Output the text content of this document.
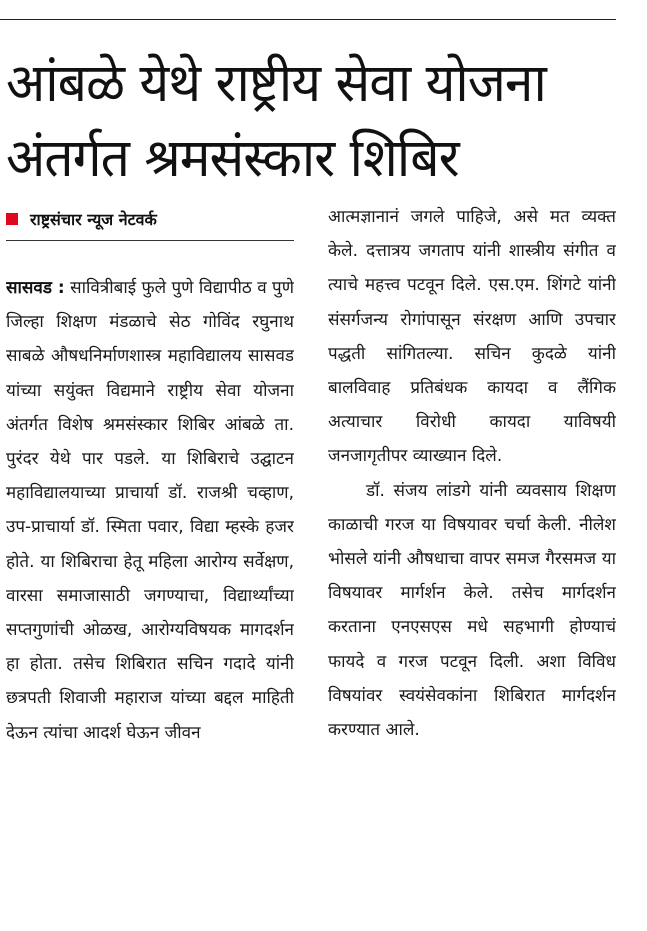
आंबळे येथे राष्ट्रीय सेवा योजना
अंतर्गत श्रमसंस्कार शिबिर
राष्ट्रसंचार न्यूज नेटवर्क

सासवड : सावित्रीबाई फुले पुणे विद्यापीठ व पुणे जिल्हा शिक्षण मंडळाचे सेठ गोविंद रघुनाथ साबळे औषधनिर्माणशास्त्र महाविद्यालय सासवड यांच्या सयुंक्त विद्यमाने राष्ट्रीय सेवा योजना अंतर्गत विशेष श्रमसंस्कार शिबिर आंबळे ता. पुरंदर येथे पार पडले. या शिबिराचे उद्घाटन महाविद्यालयाच्या प्राचार्या डॉ. राजश्री चव्हाण, उप-प्राचार्या डॉ. स्मिता पवार, विद्या म्हस्के हजर होते. या शिबिराचा हेतू महिला आरोग्य सर्वेक्षण, वारसा समाजासाठी जगण्याचा, विद्यार्थ्यांच्या सप्तगुणांची ओळख, आरोग्यविषयक मागदर्शन हा होता. तसेच शिबिरात सचिन गदादे यांनी छत्रपती शिवाजी महाराज यांच्या बद्दल माहिती देऊन त्यांचा आदर्श घेऊन जीवन

आत्मज्ञानानं जगले पाहिजे, असे मत व्यक्त केले. दत्तात्रय जगताप यांनी शास्त्रीय संगीत व त्याचे महत्त्व पटवून दिले. एस.एम. शिंगटे यांनी संसर्गजन्य रोगांपासून संरक्षण आणि उपचार पद्धती सांगितल्या. सचिन कुदळे यांनी बालविवाह प्रतिबंधक कायदा व लैंगिक अत्याचार विरोधी कायदा याविषयी जनजागृतीपर व्याख्यान दिले.

डॉ. संजय लांडगे यांनी व्यवसाय शिक्षण काळाची गरज या विषयावर चर्चा केली. नीलेश भोसले यांनी औषधाचा वापर समज गैरसमज या विषयावर मार्गर्शन केले. तसेच मार्गदर्शन करताना एनएसएस मधे सहभागी होण्याचं फायदे व गरज पटवून दिली. अशा विविध विषयांवर स्वयंसेवकांना शिबिरात मार्गदर्शन करण्यात आले.
